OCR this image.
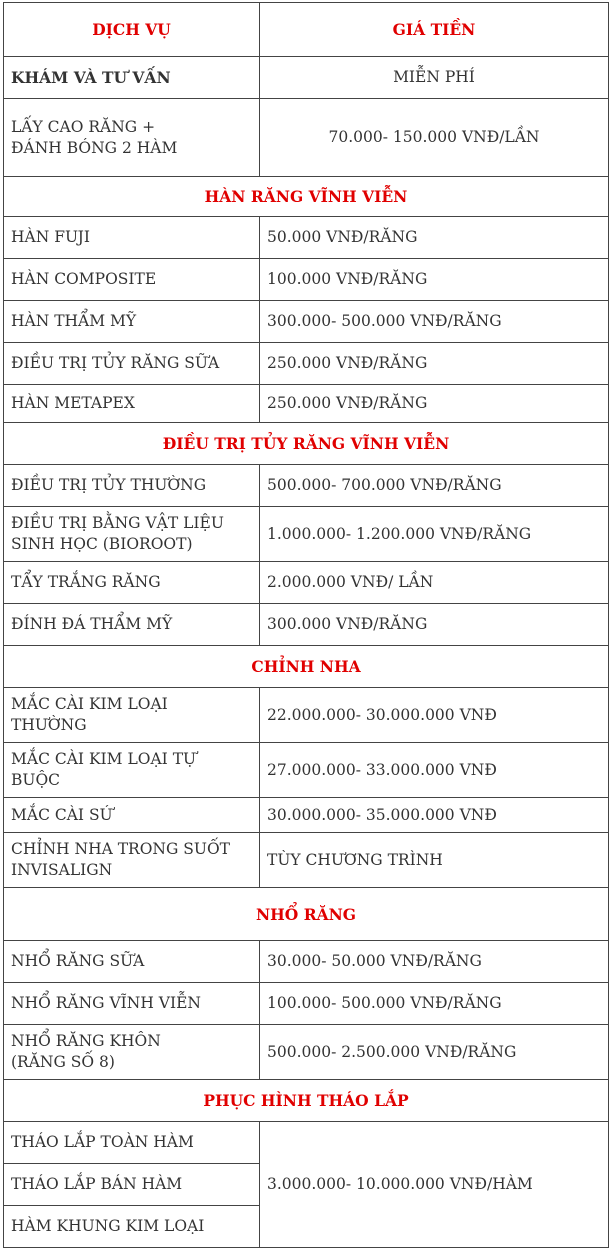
DỊCH VỤ	GIÁ TIỀN
KHÁM VÀ TƯ VẤN	MIỄN PHÍ
LẤY CAO RĂNG +
ĐÁNH BÓNG 2 HÀM	70.000- 150.000 VNĐ/LẦN
HÀN RĂNG VĨNH VIỄN	
HÀN FUJI	50.000 VNĐ/RĂNG
HÀN COMPOSITE	100.000 VNĐ/RĂNG
HÀN THẨM MỸ	300.000- 500.000 VNĐ/RĂNG
ĐIỀU TRỊ TỦY RĂNG SỮA	250.000 VNĐ/RĂNG
HÀN METAPEX	250.000 VNĐ/RĂNG
ĐIỀU TRỊ TỦY RĂNG VĨNH VIỄN	
ĐIỀU TRỊ TỦY THƯỜNG	500.000- 700.000 VNĐ/RĂNG
ĐIỀU TRỊ BẰNG VẬT LIỆU
SINH HỌC (BIOROOT)	1.000.000- 1.200.000 VNĐ/RĂNG
TẨY TRẮNG RĂNG	2.000.000 VNĐ/ LẦN
ĐÍNH ĐÁ THẨM MỸ	300.000 VNĐ/RĂNG
CHỈNH NHA	
MẮC CÀI KIM LOẠI
THƯỜNG	22.000.000- 30.000.000 VNĐ
MẮC CÀI KIM LOẠI TỰ
BUỘC	27.000.000- 33.000.000 VNĐ
MẮC CÀI SỨ	30.000.000- 35.000.000 VNĐ
CHỈNH NHA TRONG SUỐT
INVISALIGN	TÙY CHƯƠNG TRÌNH
NHỔ RĂNG	
NHỔ RĂNG SỮA	30.000- 50.000 VNĐ/RĂNG
NHỔ RĂNG VĨNH VIỄN	100.000- 500.000 VNĐ/RĂNG
NHỔ RĂNG KHÔN
(RĂNG SỐ 8)	500.000- 2.500.000 VNĐ/RĂNG
PHỤC HÌNH THÁO LẮP	
THÁO LẮP TOÀN HÀM	3.000.000- 10.000.000 VNĐ/HÀM
THÁO LẮP BÁN HÀM	
HÀM KHUNG KIM LOẠI	
